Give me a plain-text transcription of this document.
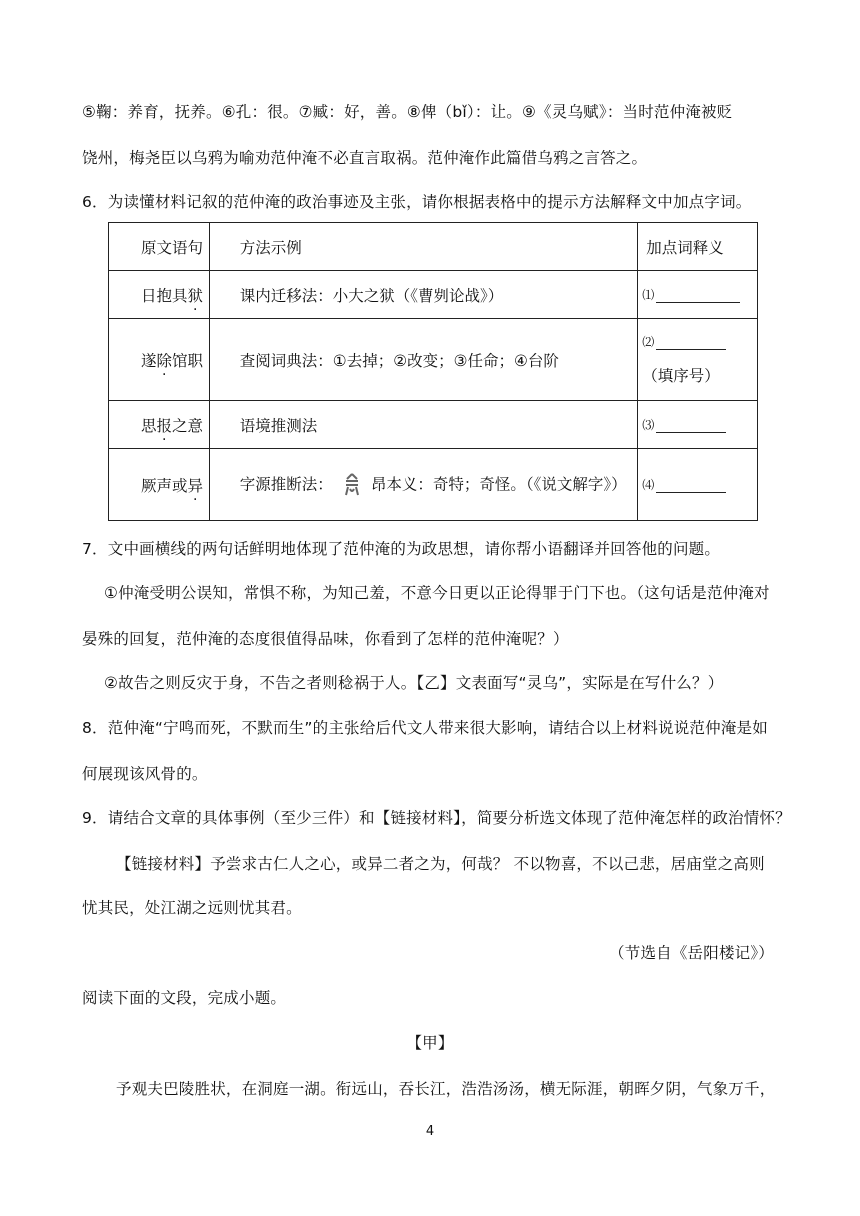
⑤鞠：养育，抚养。⑥孔：很。⑦臧：好，善。⑧俾（bǐ）：让。⑨《灵乌赋》：当时范仲淹被贬
饶州，梅尧臣以乌鸦为喻劝范仲淹不必直言取祸。范仲淹作此篇借乌鸦之言答之。
6．为读懂材料记叙的范仲淹的政治事迹及主张，请你根据表格中的提示方法解释文中加点字词。
原文语句	方法示例	加点词释义
日抱具狱	课内迁移法：小大之狱（《曹刿论战》）	⑴
遂除馆职	查阅词典法：①去掉；②改变；③任命；④台阶	⑵
（填序号）

思报之意	语境推测法	⑶
厥声或异	字源推断法： 昂本义：奇特；奇怪。（《说文解字》）	⑷
7．文中画横线的两句话鲜明地体现了范仲淹的为政思想，请你帮小语翻译并回答他的问题。
①仲淹受明公误知，常惧不称，为知己羞，不意今日更以正论得罪于门下也。（这句话是范仲淹对
晏殊的回复，范仲淹的态度很值得品味，你看到了怎样的范仲淹呢？）
②故告之则反灾于身，不告之者则稔祸于人。【乙】文表面写“灵乌”，实际是在写什么？）
8．范仲淹“宁鸣而死，不默而生”的主张给后代文人带来很大影响，请结合以上材料说说范仲淹是如
何展现该风骨的。
9．请结合文章的具体事例（至少三件）和【链接材料】，简要分析选文体现了范仲淹怎样的政治情怀？
【链接材料】予尝求古仁人之心，或异二者之为，何哉？ 不以物喜，不以己悲，居庙堂之高则
忧其民，处江湖之远则忧其君。
（节选自《岳阳楼记》）
阅读下面的文段，完成小题。
【甲】
予观夫巴陵胜状，在洞庭一湖。衔远山，吞长江，浩浩汤汤，横无际涯，朝晖夕阴，气象万千，
4
